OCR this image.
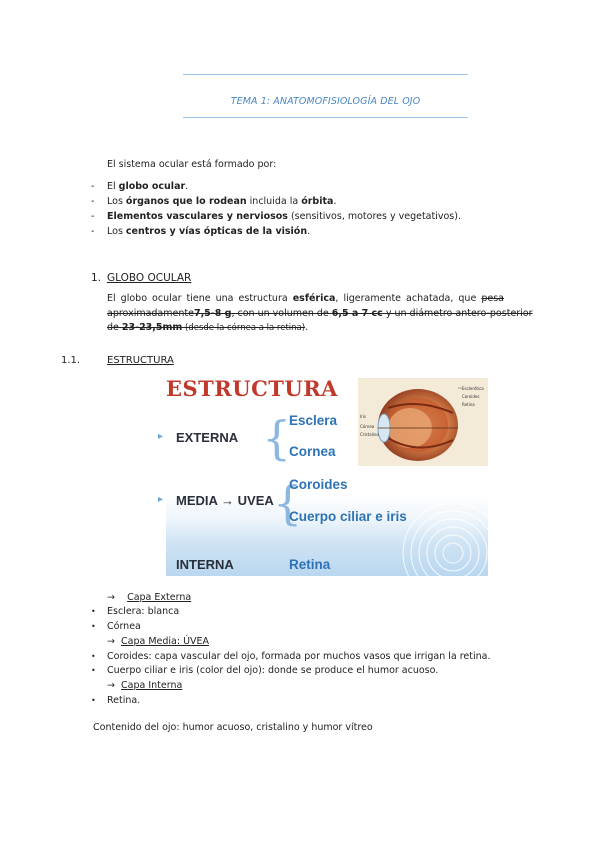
TEMA 1: ANATOMOFISIOLOGÍA DEL OJO
El sistema ocular está formado por:
- El globo ocular.
- Los órganos que lo rodean incluida la órbita.
- Elementos vasculares y nerviosos (sensitivos, motores y vegetativos).
- Los centros y vías ópticas de la visión.
1. GLOBO OCULAR
El globo ocular tiene una estructura esférica, ligeramente achatada, que pesa
aproximadamente7,5-8 g, con un volumen de 6,5 a 7 cc y un diámetro antero-posterior
de 23-23,5mm (desde la córnea a la retina).
1.1.	ESTRUCTURA
ESTRUCTURA	Esclerótica
Coroides
Retina
Iris
Córnea
Cristalino
▸ EXTERNA {
Esclera
Cornea
▸ MEDIA → UVEA {
Coroides
Cuerpo ciliar e iris
INTERNA	Retina
→ Capa Externa
• Esclera: blanca
• Córnea
→ Capa Media: ÚVEA
• Coroides: capa vascular del ojo, formada por muchos vasos que irrigan la retina.
• Cuerpo ciliar e iris (color del ojo): donde se produce el humor acuoso.
→ Capa Interna
• Retina.
Contenido del ojo: humor acuoso, cristalino y humor vítreo
